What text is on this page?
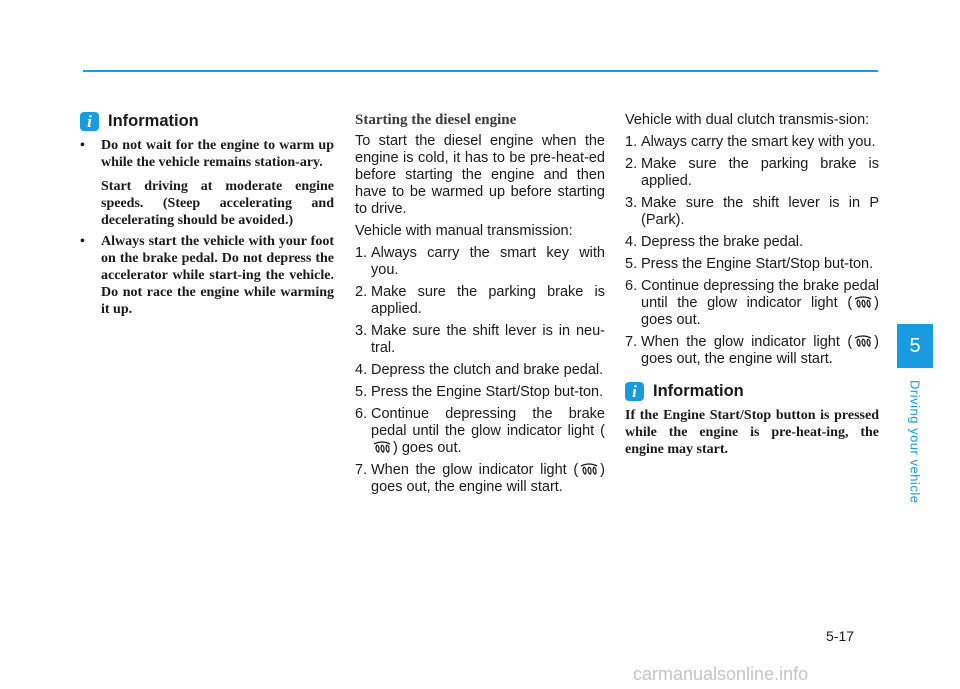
i Information
• Do not wait for the engine to warm up while the vehicle remains station-ary.

Start driving at moderate engine speeds. (Steep accelerating and decelerating should be avoided.)

• Always start the vehicle with your foot on the brake pedal. Do not depress the accelerator while start-ing the vehicle. Do not race the engine while warming it up.

Starting the diesel engine

To start the diesel engine when the engine is cold, it has to be pre-heat-ed before starting the engine and then have to be warmed up before starting to drive.

Vehicle with manual transmission:

1. Always carry the smart key with you.
2. Make sure the parking brake is applied.
3. Make sure the shift lever is in neu-tral.
4. Depress the clutch and brake pedal.
5. Press the Engine Start/Stop but-ton.
6. Continue depressing the brake pedal until the glow indicator light () goes out.
7. When the glow indicator light ( ) goes out, the engine will start.

Vehicle with dual clutch transmis-sion:

1. Always carry the smart key with you.
2. Make sure the parking brake is applied.
3. Make sure the shift lever is in P (Park).
4. Depress the brake pedal.
5. Press the Engine Start/Stop but-ton.
6. Continue depressing the brake pedal until the glow indicator light ( ) goes out.
7. When the glow indicator light ( ) goes out, the engine will start.
i Information

If the Engine Start/Stop button is pressed while the engine is pre-heat-ing, the engine may start.

5
Driving your vehicle
5-17
carmanualsonline.info
